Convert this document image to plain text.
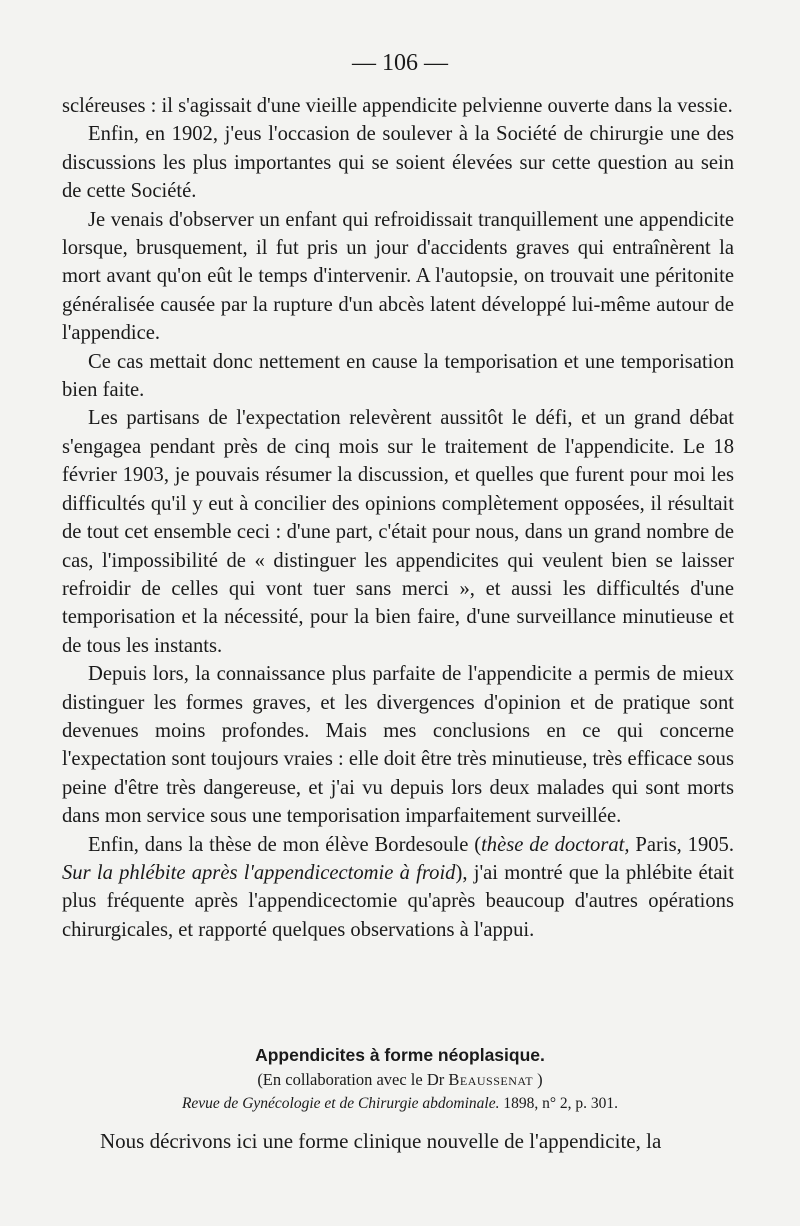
— 106 —

scléreuses : il s'agissait d'une vieille appendicite pelvienne ouverte dans la vessie.

Enfin, en 1902, j'eus l'occasion de soulever à la Société de chirurgie une des discussions les plus importantes qui se soient élevées sur cette question au sein de cette Société.

Je venais d'observer un enfant qui refroidissait tranquillement une appendicite lorsque, brusquement, il fut pris un jour d'accidents graves qui entraînèrent la mort avant qu'on eût le temps d'intervenir. A l'autopsie, on trouvait une péritonite généralisée causée par la rupture d'un abcès latent développé lui-même autour de l'appendice.

Ce cas mettait donc nettement en cause la temporisation et une temporisation bien faite.

Les partisans de l'expectation relevèrent aussitôt le défi, et un grand débat s'engagea pendant près de cinq mois sur le traitement de l'appendicite. Le 18 février 1903, je pouvais résumer la discussion, et quelles que furent pour moi les difficultés qu'il y eut à concilier des opinions complètement opposées, il résultait de tout cet ensemble ceci : d'une part, c'était pour nous, dans un grand nombre de cas, l'impossibilité de « distinguer les appendicites qui veulent bien se laisser refroidir de celles qui vont tuer sans merci », et aussi les difficultés d'une temporisation et la nécessité, pour la bien faire, d'une surveillance minutieuse et de tous les instants.

Depuis lors, la connaissance plus parfaite de l'appendicite a permis de mieux distinguer les formes graves, et les divergences d'opinion et de pratique sont devenues moins profondes. Mais mes conclusions en ce qui concerne l'expectation sont toujours vraies : elle doit être très minutieuse, très efficace sous peine d'être très dangereuse, et j'ai vu depuis lors deux malades qui sont morts dans mon service sous une temporisation imparfaitement surveillée.

Enfin, dans la thèse de mon élève Bordesoule (thèse de doctorat, Paris, 1905. Sur la phlébite après l'appendicectomie à froid), j'ai montré que la phlébite était plus fréquente après l'appendicectomie qu'après beaucoup d'autres opérations chirurgicales, et rapporté quelques observations à l'appui.

Appendicites à forme néoplasique.
(En collaboration avec le Dr Beaussenat )
Revue de Gynécologie et de Chirurgie abdominale. 1898, n° 2, p. 301.
Nous décrivons ici une forme clinique nouvelle de l'appendicite, la
